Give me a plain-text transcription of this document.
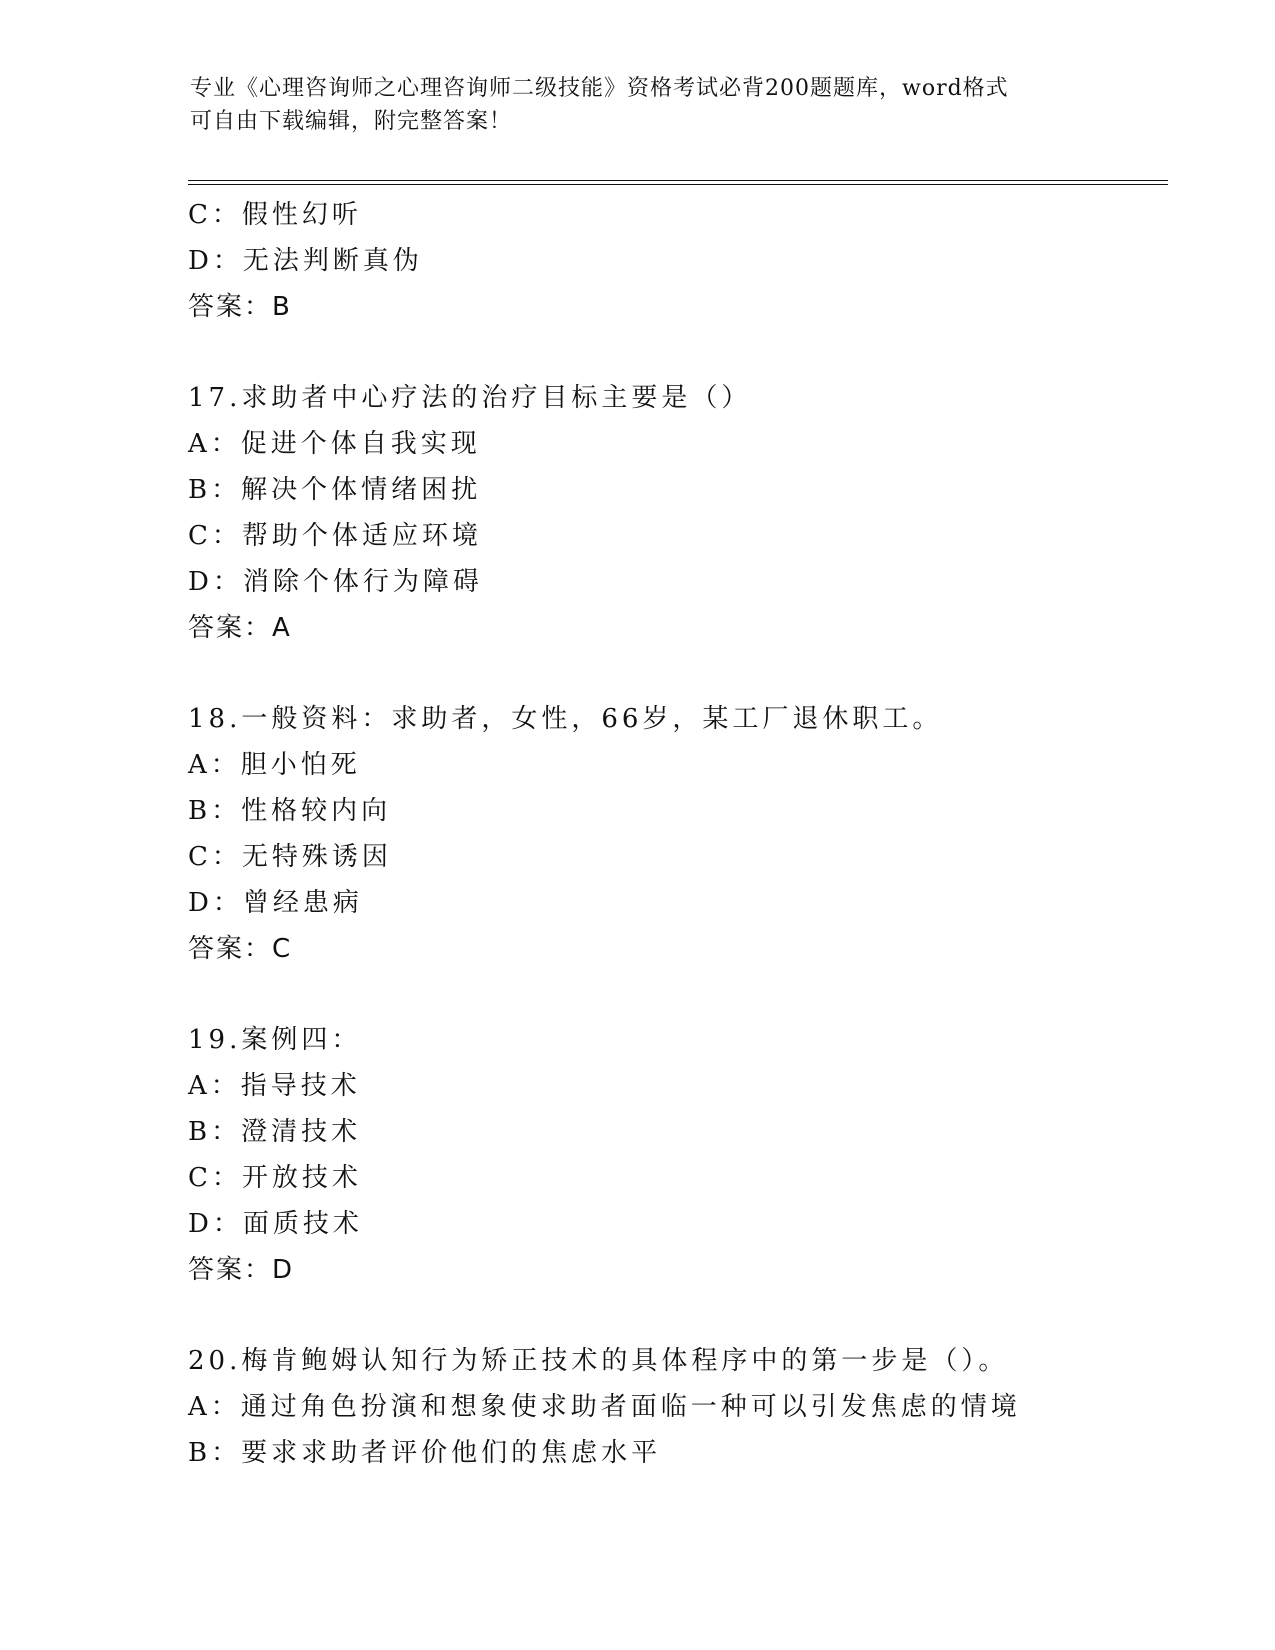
专业《心理咨询师之心理咨询师二级技能》资格考试必背200题题库，word格式
可自由下载编辑，附完整答案！
C：假性幻听
D：无法判断真伪
答案：B
17.求助者中心疗法的治疗目标主要是（）
A：促进个体自我实现
B：解决个体情绪困扰
C：帮助个体适应环境
D：消除个体行为障碍
答案：A
18.一般资料：求助者，女性，66岁，某工厂退休职工。
A：胆小怕死
B：性格较内向
C：无特殊诱因
D：曾经患病
答案：C
19.案例四：
A：指导技术
B：澄清技术
C：开放技术
D：面质技术
答案：D
20.梅肯鲍姆认知行为矫正技术的具体程序中的第一步是（）。
A：通过角色扮演和想象使求助者面临一种可以引发焦虑的情境
B：要求求助者评价他们的焦虑水平
